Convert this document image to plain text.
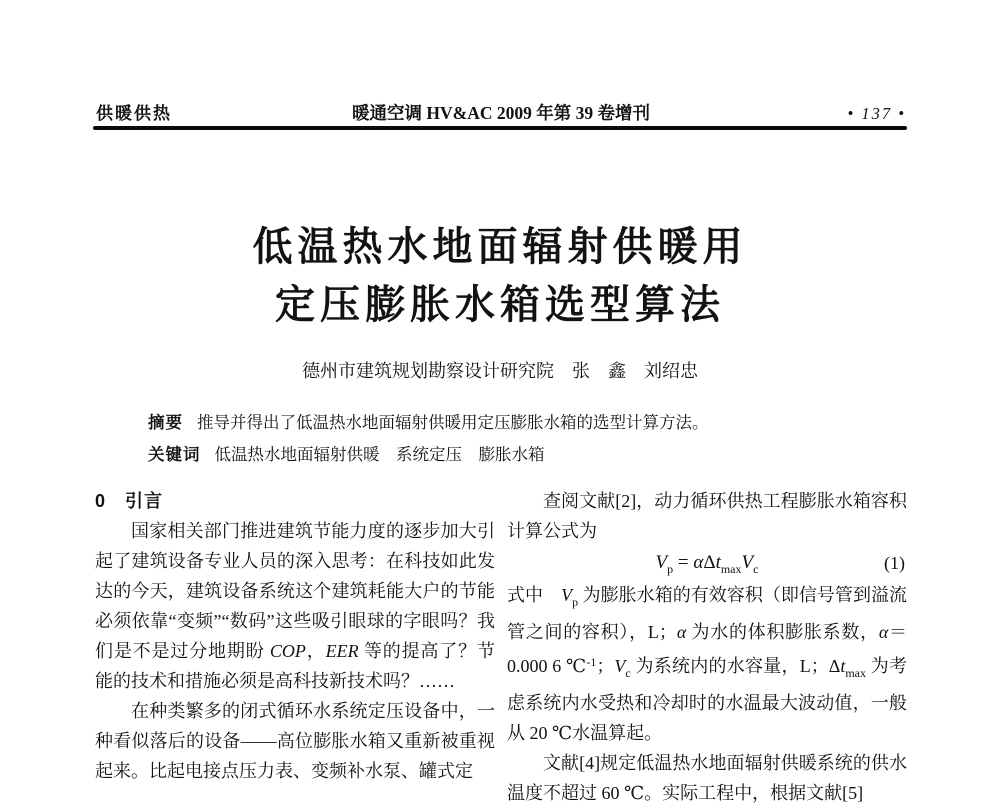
供暖供热	暖通空调 HV&AC 2009 年第 39 卷增刊	• 137 •
低温热水地面辐射供暖用
定压膨胀水箱选型算法
德州市建筑规划勘察设计研究院　张　鑫　刘绍忠

摘要 推导并得出了低温热水地面辐射供暖用定压膨胀水箱的选型计算方法。

关键词 低温热水地面辐射供暖　系统定压　膨胀水箱

0　引言

国家相关部门推进建筑节能力度的逐步加大引起了建筑设备专业人员的深入思考：在科技如此发达的今天，建筑设备系统这个建筑耗能大户的节能必须依靠“变频”“数码”这些吸引眼球的字眼吗？我们是不是过分地期盼 COP，EER 等的提高了？节能的技术和措施必须是高科技新技术吗？……

在种类繁多的闭式循环水系统定压设备中，一种看似落后的设备——高位膨胀水箱又重新被重视起来。比起电接点压力表、变频补水泵、罐式定

查阅文献[2]，动力循环供热工程膨胀水箱容积计算公式为

$V_p = \alpha\Delta t_{max}V_c$	(1)

式中　$V_p$ 为膨胀水箱的有效容积（即信号管到溢流管之间的容积），L；α 为水的体积膨胀系数，α＝0.000 6 ℃$^{-1}$；$V_c$ 为系统内的水容量，L；$\Delta t_{max}$ 为考虑系统内水受热和冷却时的水温最大波动值，一般从 20 ℃水温算起。

文献[4]规定低温热水地面辐射供暖系统的供水温度不超过 60 ℃。实际工程中，根据文献[5]
